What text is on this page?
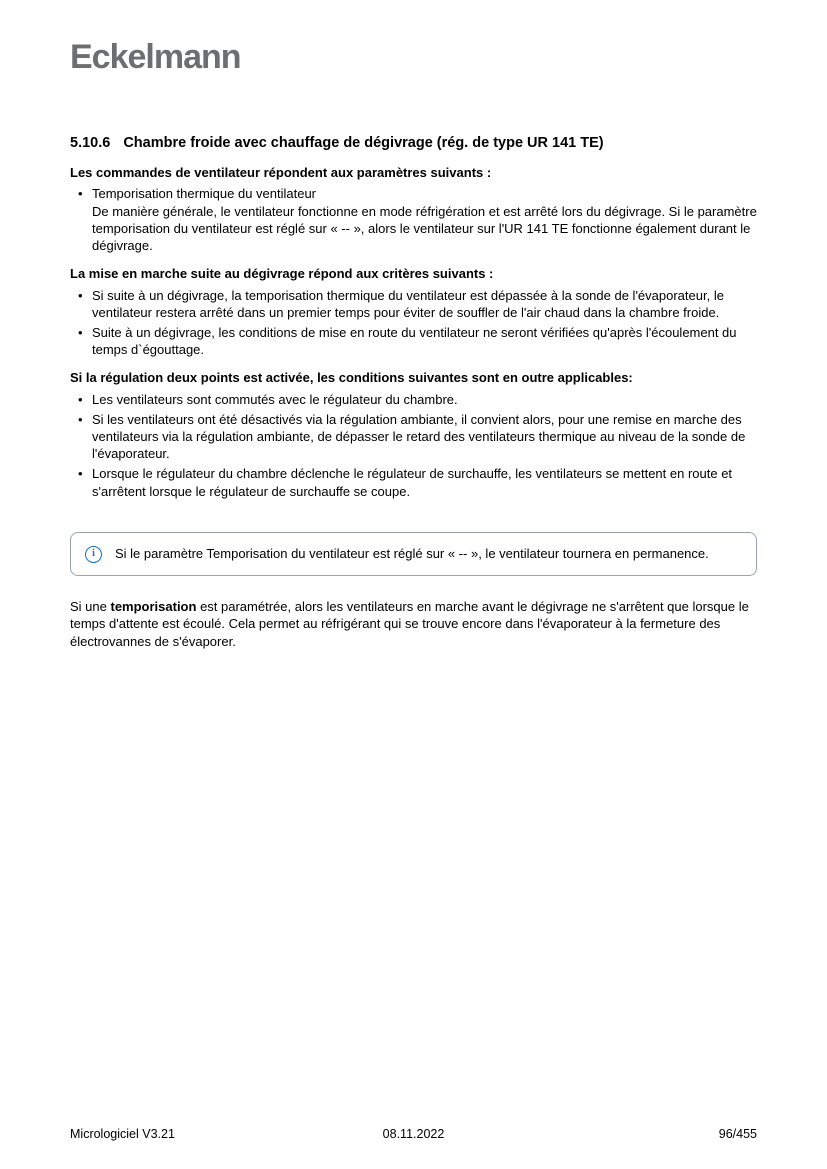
Eckelmann
5.10.6 Chambre froide avec chauffage de dégivrage (rég. de type UR 141 TE)
Les commandes de ventilateur répondent aux paramètres suivants :
• Temporisation thermique du ventilateur
De manière générale, le ventilateur fonctionne en mode réfrigération et est arrêté lors du dégivrage. Si le paramètre temporisation du ventilateur est réglé sur « -- », alors le ventilateur sur l'UR 141 TE fonctionne également durant le dégivrage.
La mise en marche suite au dégivrage répond aux critères suivants :
• Si suite à un dégivrage, la temporisation thermique du ventilateur est dépassée à la sonde de l'évaporateur, le ventilateur restera arrêté dans un premier temps pour éviter de souffler de l'air chaud dans la chambre froide.
• Suite à un dégivrage, les conditions de mise en route du ventilateur ne seront vérifiées qu'après l'écoulement du temps d`égouttage.
Si la régulation deux points est activée, les conditions suivantes sont en outre applicables:
• Les ventilateurs sont commutés avec le régulateur du chambre.
• Si les ventilateurs ont été désactivés via la régulation ambiante, il convient alors, pour une remise en marche des ventilateurs via la régulation ambiante, de dépasser le retard des ventilateurs thermique au niveau de la sonde de l'évaporateur.
• Lorsque le régulateur du chambre déclenche le régulateur de surchauffe, les ventilateurs se mettent en route et s'arrêtent lorsque le régulateur de surchauffe se coupe.
i	Si le paramètre Temporisation du ventilateur est réglé sur « -- », le ventilateur tournera en permanence.

Si une temporisation est paramétrée, alors les ventilateurs en marche avant le dégivrage ne s'arrêtent que lorsque le temps d'attente est écoulé. Cela permet au réfrigérant qui se trouve encore dans l'évaporateur à la fermeture des électrovannes de s'évaporer.

Micrologiciel V3.21	08.11.2022	96/455
